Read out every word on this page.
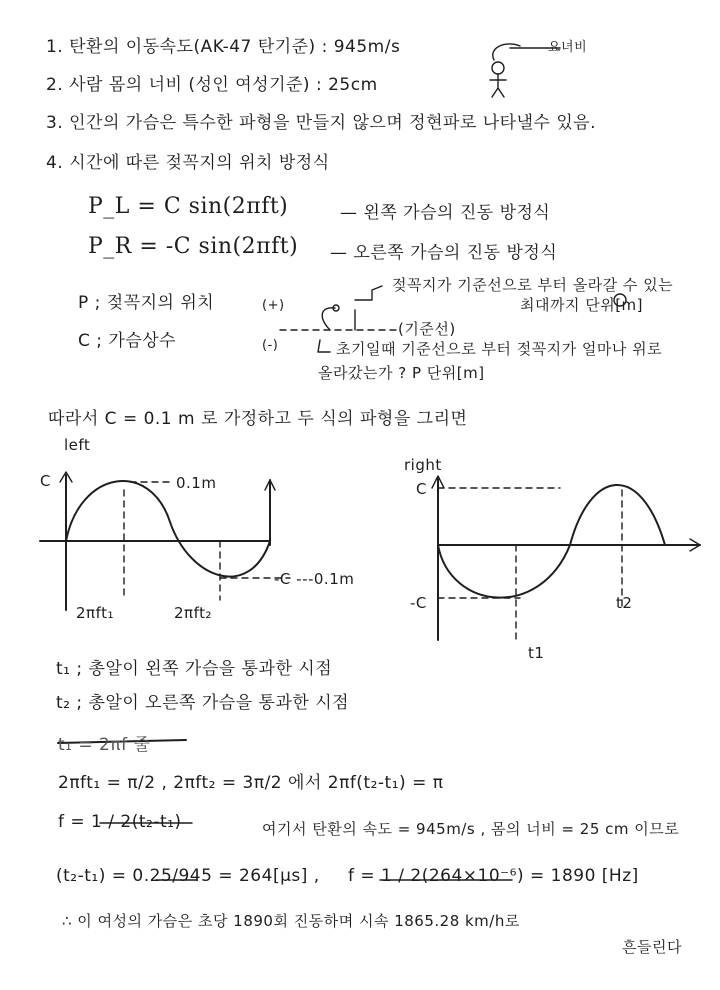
1. 탄환의 이동속도(AK-47 탄기준) : 945m/s	요녀비
2. 사람 몸의 너비 (성인 여성기준) : 25cm
3. 인간의 가슴은 특수한 파형을 만들지 않으며 정현파로 나타낼수 있음.
4. 시간에 따른 젖꼭지의 위치 방정식
P_L = C sin(2πft)	— 왼쪽 가슴의 진동 방정식
P_R = -C sin(2πft) — 오른쪽 가슴의 진동 방정식
P ; 젖꼭지의 위치
C ; 가슴상수
(+)
(-)
젖꼭지가 기준선으로 부터 올라갈 수 있는
최대까지 단위[m]
(기준선)
초기일때 기준선으로 부터 젖꼭지가 얼마나 위로
올라갔는가 ? P 단위[m]
따라서 C = 0.1 m 로 가정하고 두 식의 파형을 그리면
left
right
C	0.1m
-C ---0.1m
2πft₁	2πft₂
C
-C	t2
t1
t₁ ; 총알이 왼쪽 가슴을 통과한 시점
t₂ ; 총알이 오른쪽 가슴을 통과한 시점
t₁ = 2πf 줄
2πft₁ = π/2 , 2πft₂ = 3π/2 에서 2πf(t₂-t₁) = π
f = 1 / 2(t₂-t₁)	여기서 탄환의 속도 = 945m/s , 몸의 너비 = 25 cm 이므로
(t₂-t₁) = 0.25/945 = 264[μs] , f = 1 / 2(264×10⁻⁶) = 1890 [Hz]
∴ 이 여성의 가슴은 초당 1890회 진동하며 시속 1865.28 km/h로
흔들린다
